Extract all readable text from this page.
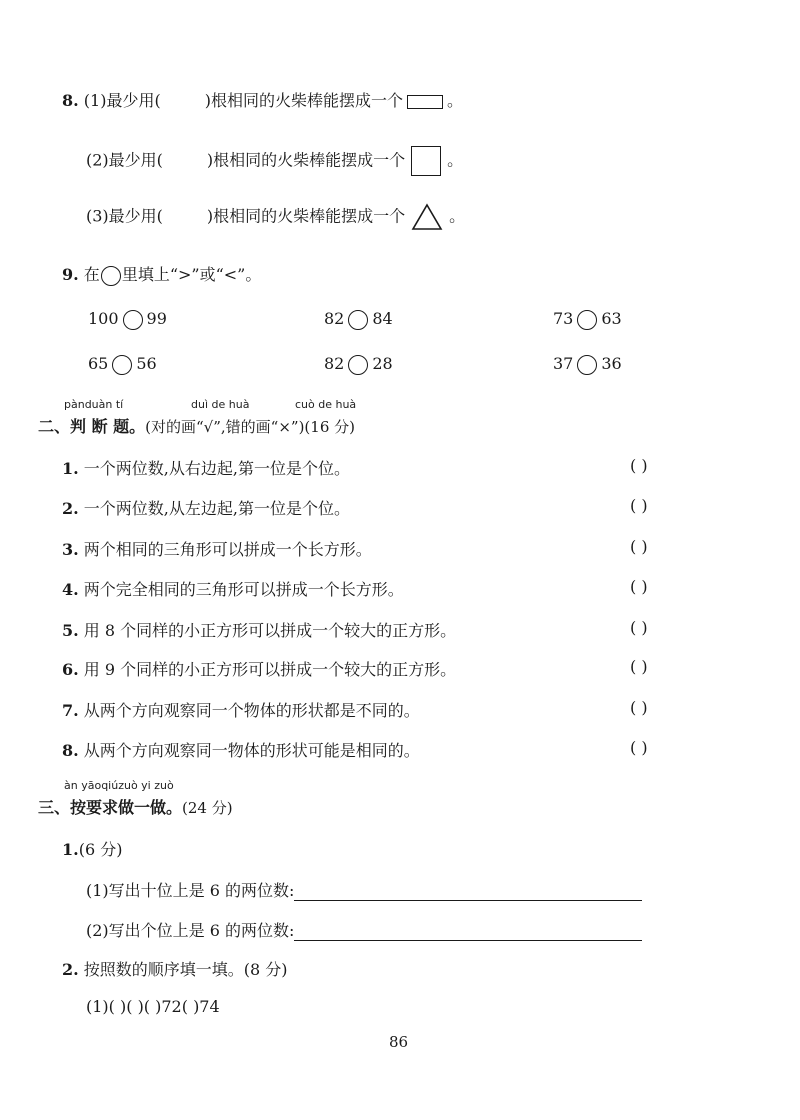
8. (1)最少用(	)根相同的火柴棒能摆成一个	。
(2)最少用(	)根相同的火柴棒能摆成一个	。
(3)最少用(	)根相同的火柴棒能摆成一个	。
9. 在 里填上“>”或“<”。
100 99	82 84	73 63
65 56	82 28	37 36
pànduàn tí	duì de huà	cuò de huà
二、判 断 题。(对的画“√”,错的画“×”)(16 分)
1. 一个两位数,从右边起,第一位是个位。	( )
2. 一个两位数,从左边起,第一位是个位。	( )
3. 两个相同的三角形可以拼成一个长方形。	( )
4. 两个完全相同的三角形可以拼成一个长方形。	( )
5. 用 8 个同样的小正方形可以拼成一个较大的正方形。	( )
6. 用 9 个同样的小正方形可以拼成一个较大的正方形。	( )
7. 从两个方向观察同一个物体的形状都是不同的。	( )
8. 从两个方向观察同一物体的形状可能是相同的。	( )
àn yāoqiúzuò yi zuò
三、按要求做一做。(24 分)
1.(6 分)
(1)写出十位上是 6 的两位数:
(2)写出个位上是 6 的两位数:
2. 按照数的顺序填一填。(8 分)
(1)( )( )( )72( )74
86
